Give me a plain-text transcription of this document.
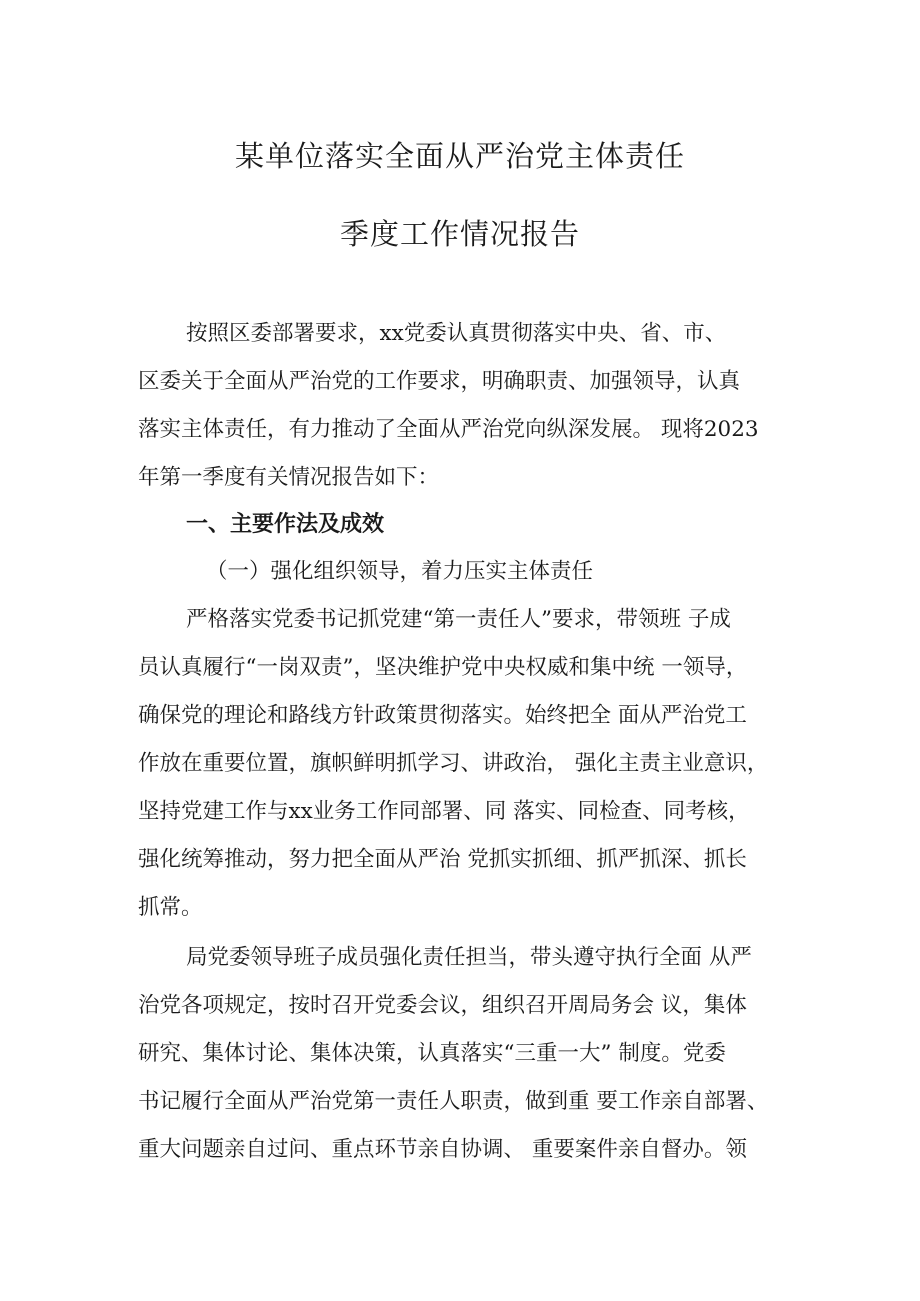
某单位落实全面从严治党主体责任
季度工作情况报告
按照区委部署要求，xx党委认真贯彻落实中央、省、市、
区委关于全面从严治党的工作要求，明确职责、加强领导，认真
落实主体责任，有力推动了全面从严治党向纵深发展。 现将2023
年第一季度有关情况报告如下：
一、主要作法及成效
（一）强化组织领导，着力压实主体责任
严格落实党委书记抓党建“第一责任人”要求，带领班 子成
员认真履行“一岗双责”，坚决维护党中央权威和集中统 一领导，
确保党的理论和路线方针政策贯彻落实。始终把全 面从严治党工
作放在重要位置，旗帜鲜明抓学习、讲政治， 强化主责主业意识，
坚持党建工作与xx业务工作同部署、同 落实、同检查、同考核，
强化统筹推动，努力把全面从严治 党抓实抓细、抓严抓深、抓长
抓常。
局党委领导班子成员强化责任担当，带头遵守执行全面 从严
治党各项规定，按时召开党委会议，组织召开周局务会 议，集体
研究、集体讨论、集体决策，认真落实“三重一大” 制度。党委
书记履行全面从严治党第一责任人职责，做到重 要工作亲自部署、
重大问题亲自过问、重点环节亲自协调、 重要案件亲自督办。领
